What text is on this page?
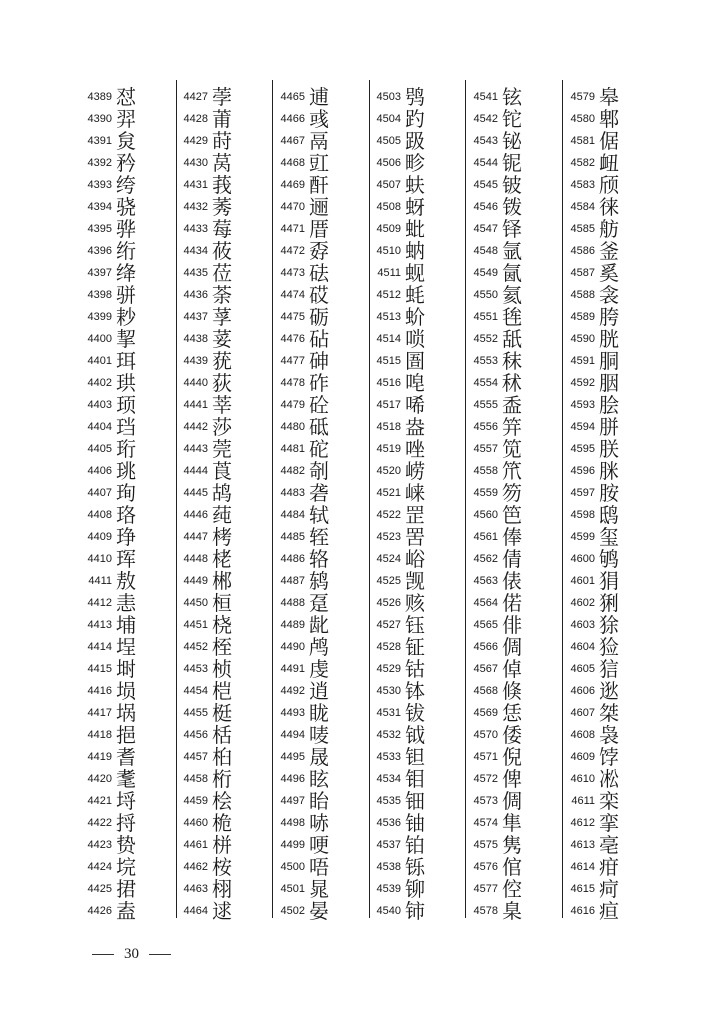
4389 怼
4390 羿
4391 炱
4392 矜
4393 绔
4394 骁
4395 骅
4396 绗
4397 绛
4398 骈
4399 耖
4400 挈
4401 珥
4402 珙
4403 顼
4404 珰
4405 珩
4406 珧
4407 珣
4408 珞
4409 琤
4410 珲
4411 敖
4412 恚
4413 埔
4414 埕
4415 埘
4416 埙
4417 埚
4418 挹
4419 耆
4420 耄
4421 埒
4422 捋
4423 贽
4424 垸
4425 捃
4426 盍
4427 荸
4428 莆
4429 莳
4430 莴
4431 莪
4432 莠
4433 莓
4434 莜
4435 莅
4436 荼
4437 莩
4438 荽
4439 莸
4440 荻
4441 莘
4442 莎
4443 莞
4444 莨
4445 鸪
4446 莼
4447 栲
4448 栳
4449 郴
4450 桓
4451 桡
4452 桎
4453 桢
4454 桤
4455 梃
4456 栝
4457 桕
4458 桁
4459 桧
4460 桅
4461 栟
4462 桉
4463 栩
4464 逑
4465 逋
4466 彧
4467 鬲
4468 豇
4469 酐
4470 逦
4471 厝
4472 孬
4473 砝
4474 砹
4475 砺
4476 砧
4477 砷
4478 砟
4479 砼
4480 砥
4481 砣
4482 剞
4483 砻
4484 轼
4485 轾
4486 辂
4487 鸫
4488 趸
4489 龀
4490 鸬
4491 虔
4492 逍
4493 眬
4494 唛
4495 晟
4496 眩
4497 眙
4498 哧
4499 哽
4500 唔
4501 晁
4502 晏
4503 鸮
4504 趵
4505 趿
4506 畛
4507 蚨
4508 蚜
4509 蚍
4510 蚋
4511 蚬
4512 蚝
4513 蚧
4514 唢
4515 圄
4516 唣
4517 唏
4518 盎
4519 唑
4520 崂
4521 崃
4522 罡
4523 罟
4524 峪
4525 觊
4526 赅
4527 钰
4528 钲
4529 钴
4530 钵
4531 钹
4532 钺
4533 钽
4534 钼
4535 钿
4536 铀
4537 铂
4538 铄
4539 铆
4540 铈
4541 铉
4542 铊
4543 铋
4544 铌
4545 铍
4546 䥽
4547 铎
4548 氩
4549 氤
4550 氦
4551 毪
4552 舐
4553 秣
4554 秫
4555 盉
4556 笄
4557 笕
4558 笊
4559 笏
4560 笆
4561 俸
4562 倩
4563 俵
4564 偌
4565 俳
4566 倜
4567 倬
4568 倏
4569 恁
4570 倭
4571 倪
4572 俾
4573 倜
4574 隼
4575 隽
4576 倌
4577 倥
4578 臬
4579 皋
4580 郫
4581 倨
4582 衄
4583 颀
4584 徕
4585 舫
4586 釜
4587 奚
4588 衾
4589 胯
4590 胱
4591 胴
4592 胭
4593 脍
4594 胼
4595 朕
4596 脒
4597 胺
4598 鸱
4599 玺
4600 鸲
4601 狷
4602 猁
4603 狳
4604 猃
4605 狺
4606 逖
4607 桀
4608 袅
4609 饽
4610 凇
4611 栾
4612 挛
4613 亳
4614 疳
4615 疴
4616 疸
30
